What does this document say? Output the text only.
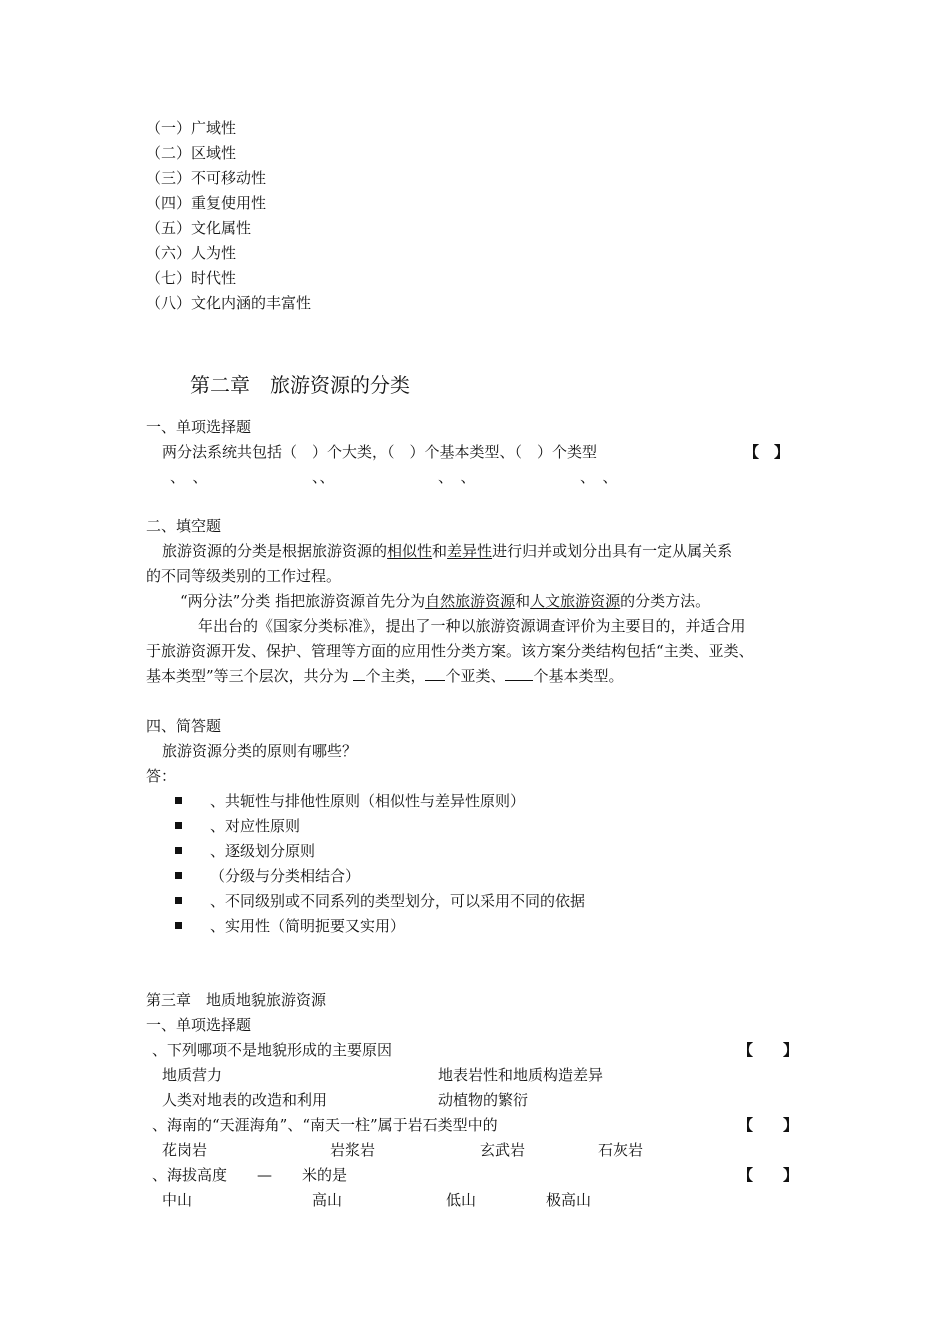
（一）广域性
（二）区域性
（三）不可移动性
（四）重复使用性
（五）文化属性
（六）人为性
（七）时代性
（八）文化内涵的丰富性
第二章　旅游资源的分类
一、单项选择题
两分法系统共包括（　）个大类，（　）个基本类型、（　）个类型	【　】
、　、	、、	、　、	、　、
二、填空题
旅游资源的分类是根据旅游资源的相似性和差异性进行归并或划分出具有一定从属关系
的不同等级类别的工作过程。
“两分法”分类 指把旅游资源首先分为自然旅游资源和人文旅游资源的分类方法。
年出台的《国家分类标准》，提出了一种以旅游资源调查评价为主要目的，并适合用
于旅游资源开发、保护、管理等方面的应用性分类方案。该方案分类结构包括“主类、亚类、
基本类型”等三个层次，共分为 个主类， 个亚类、 个基本类型。
四、简答题
旅游资源分类的原则有哪些？
答：
、共轭性与排他性原则（相似性与差异性原则）
、对应性原则
、逐级划分原则
（分级与分类相结合）
、不同级别或不同系列的类型划分，可以采用不同的依据
、实用性（简明扼要又实用）
第三章　地质地貌旅游资源
一、单项选择题
、下列哪项不是地貌形成的主要原因	【　　】
地质营力	地表岩性和地质构造差异
人类对地表的改造和利用	动植物的繁衍
、海南的“天涯海角”、“南天一柱”属于岩石类型中的	【　　】
花岗岩	岩浆岩	玄武岩	石灰岩
、海拔高度　　—　　米的是	【　　】
中山	高山	低山	极高山
